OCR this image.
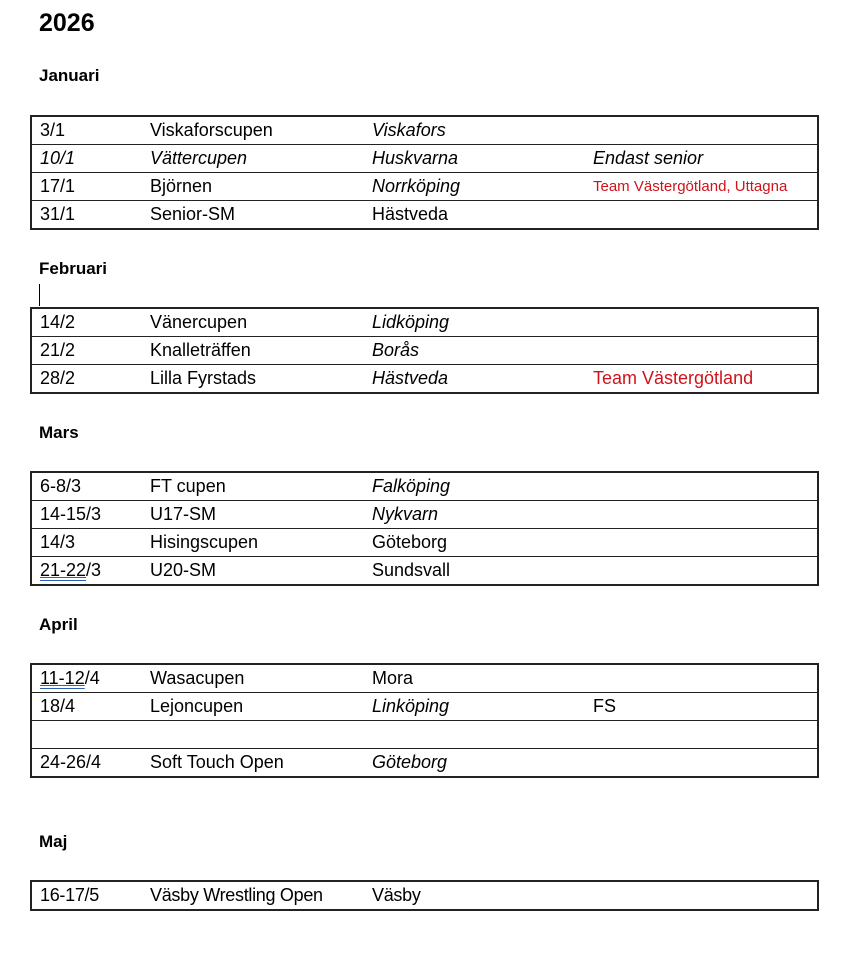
2026
Januari
3/1	Viskaforscupen	Viskafors	
10/1	Vättercupen	Huskvarna	Endast senior
17/1	Björnen	Norrköping	Team Västergötland, Uttagna
31/1	Senior-SM	Hästveda	
Februari
14/2	Vänercupen	Lidköping	
21/2	Knalleträffen	Borås	
28/2	Lilla Fyrstads	Hästveda	Team Västergötland
Mars
6-8/3	FT cupen	Falköping	
14-15/3	U17-SM	Nykvarn	
14/3	Hisingscupen	Göteborg	
21-22/3	U20-SM	Sundsvall	
April
11-12/4	Wasacupen	Mora	
18/4	Lejoncupen	Linköping	FS

24-26/4	Soft Touch Open	Göteborg	
Maj
16-17/5	Väsby Wrestling Open	Väsby	
